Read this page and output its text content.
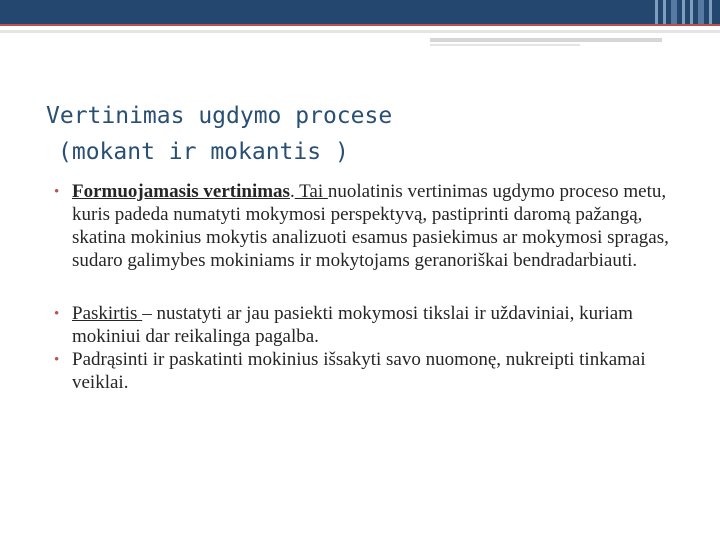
Vertinimas ugdymo procese
(mokant ir mokantis )
• Formuojamasis vertinimas. Tai nuolatinis vertinimas ugdymo proceso metu, kuris padeda numatyti mokymosi perspektyvą, pastiprinti daromą pažangą, skatina mokinius mokytis analizuoti esamus pasiekimus ar mokymosi spragas, sudaro galimybes mokiniams ir mokytojams geranoriškai bendradarbiauti.
• Paskirtis – nustatyti ar jau pasiekti mokymosi tikslai ir uždaviniai, kuriam mokiniui dar reikalinga pagalba.
• Padrąsinti ir paskatinti mokinius išsakyti savo nuomonę, nukreipti tinkamai veiklai.
